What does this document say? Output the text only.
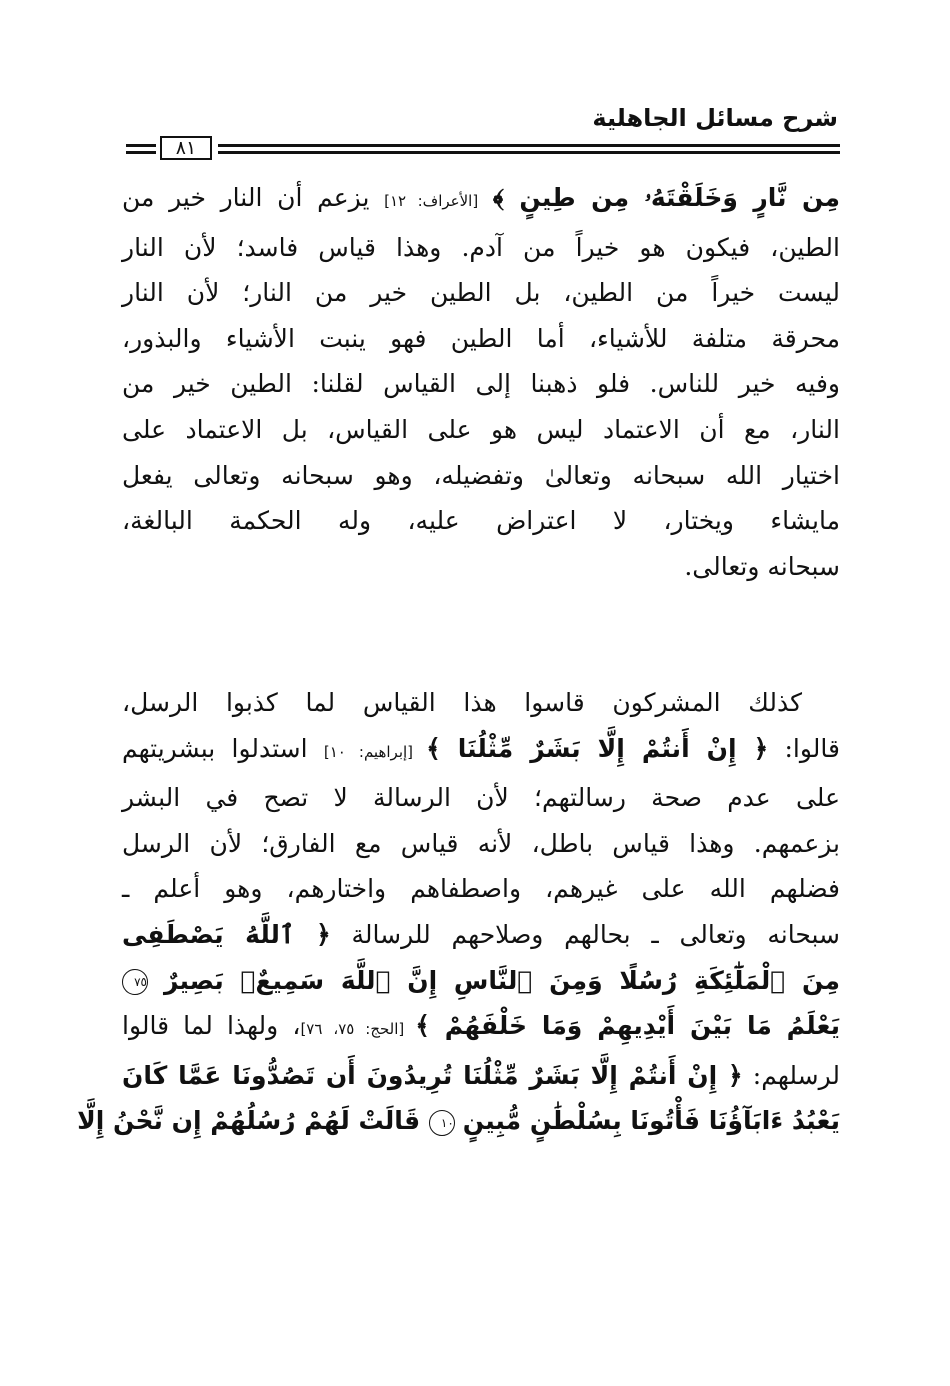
شرح مسائل الجاهلية
٨١
مِن نَّارٍ وَخَلَقْتَهُۥ مِن طِينٍ ﴾ [الأعراف: ١٢] يزعم أن النار خير من
الطين، فيكون هو خيراً من آدم. وهذا قياس فاسد؛ لأن النار
ليست خيراً من الطين، بل الطين خير من النار؛ لأن النار
محرقة متلفة للأشياء، أما الطين فهو ينبت الأشياء والبذور،
وفيه خير للناس. فلو ذهبنا إلى القياس لقلنا: الطين خير من
النار، مع أن الاعتماد ليس هو على القياس، بل الاعتماد على
اختيار الله سبحانه وتعالىٰ وتفضيله، وهو سبحانه وتعالى يفعل
مايشاء ويختار، لا اعتراض عليه، وله الحكمة البالغة،
سبحانه وتعالى.
كذلك المشركون قاسوا هذا القياس لما كذبوا الرسل،
قالوا: ﴿ إِنْ أَنتُمْ إِلَّا بَشَرٌ مِّثْلُنَا ﴾ [إبراهيم: ١٠] استدلوا ببشريتهم
على عدم صحة رسالتهم؛ لأن الرسالة لا تصح في البشر
بزعمهم. وهذا قياس باطل، لأنه قياس مع الفارق؛ لأن الرسل
فضلهم الله على غيرهم، واصطفاهم واختارهم، وهو أعلم ـ
سبحانه وتعالى ـ بحالهم وصلاحهم للرسالة ﴿ ٱللَّهُ يَصْطَفِى
مِنَ ٱلْمَلَٰٓئِكَةِ رُسُلًا وَمِنَ ٱلنَّاسِ إِنَّ ٱللَّهَ سَمِيعٌۢ بَصِيرٌ ٧٥
يَعْلَمُ مَا بَيْنَ أَيْدِيهِمْ وَمَا خَلْفَهُمْ ﴾ [الحج: ٧٥، ٧٦]، ولهذا لما قالوا
لرسلهم: ﴿ إِنْ أَنتُمْ إِلَّا بَشَرٌ مِّثْلُنَا تُرِيدُونَ أَن تَصُدُّونَا عَمَّا كَانَ
يَعْبُدُ ءَابَآؤُنَا فَأْتُونَا بِسُلْطَٰنٍ مُّبِينٍ ١٠ قَالَتْ لَهُمْ رُسُلُهُمْ إِن نَّحْنُ إِلَّا
